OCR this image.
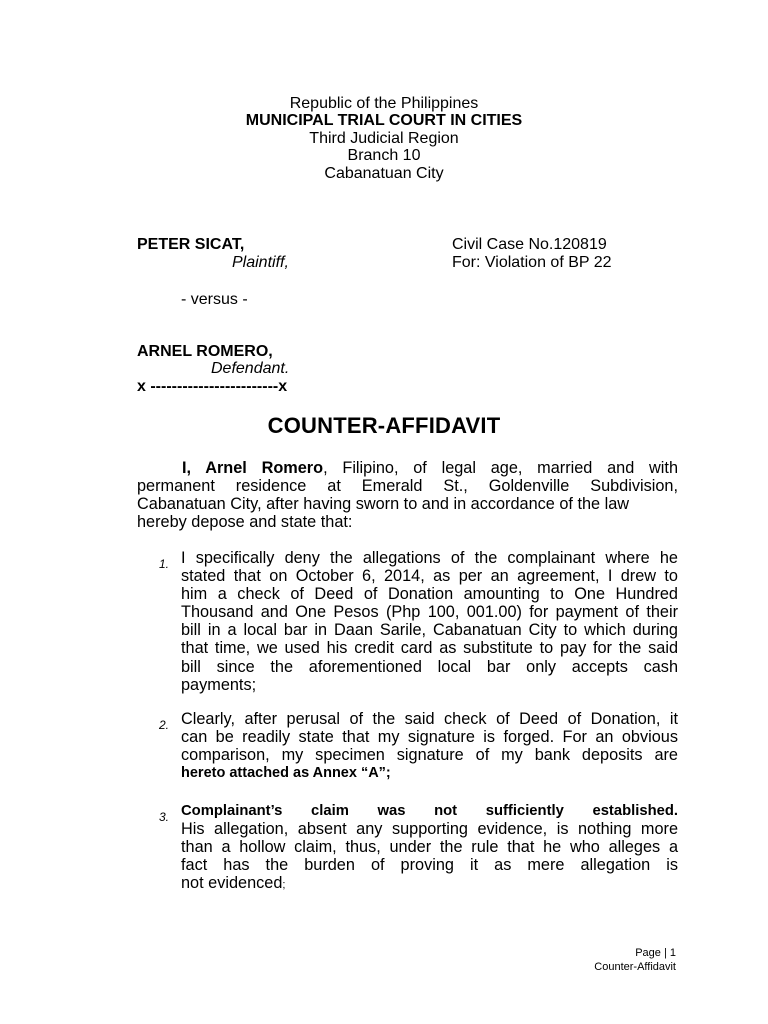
Republic of the Philippines
MUNICIPAL TRIAL COURT IN CITIES
Third Judicial Region
Branch 10
Cabanatuan City
PETER SICAT,
Plaintiff,
Civil Case No.120819
For: Violation of BP 22
- versus -
ARNEL ROMERO,
Defendant.
x ------------------------x
COUNTER-AFFIDAVIT
I, Arnel Romero, Filipino, of legal age, married and with
permanent residence at Emerald St., Goldenville Subdivision,
Cabanatuan City, after having sworn to and in accordance of the law
hereby depose and state that:
1. I specifically deny the allegations of the complainant where he
stated that on October 6, 2014, as per an agreement, I drew to
him a check of Deed of Donation amounting to One Hundred
Thousand and One Pesos (Php 100, 001.00) for payment of their
bill in a local bar in Daan Sarile, Cabanatuan City to which during
that time, we used his credit card as substitute to pay for the said
bill since the aforementioned local bar only accepts cash
payments;
2. Clearly, after perusal of the said check of Deed of Donation, it
can be readily state that my signature is forged. For an obvious
comparison, my specimen signature of my bank deposits are
hereto attached as Annex “A”;
3. Complainant’s claim was not sufficiently established.
His allegation, absent any supporting evidence, is nothing more
than a hollow claim, thus, under the rule that he who alleges a
fact has the burden of proving it as mere allegation is
not evidenced;
Page | 1
Counter-Affidavit
